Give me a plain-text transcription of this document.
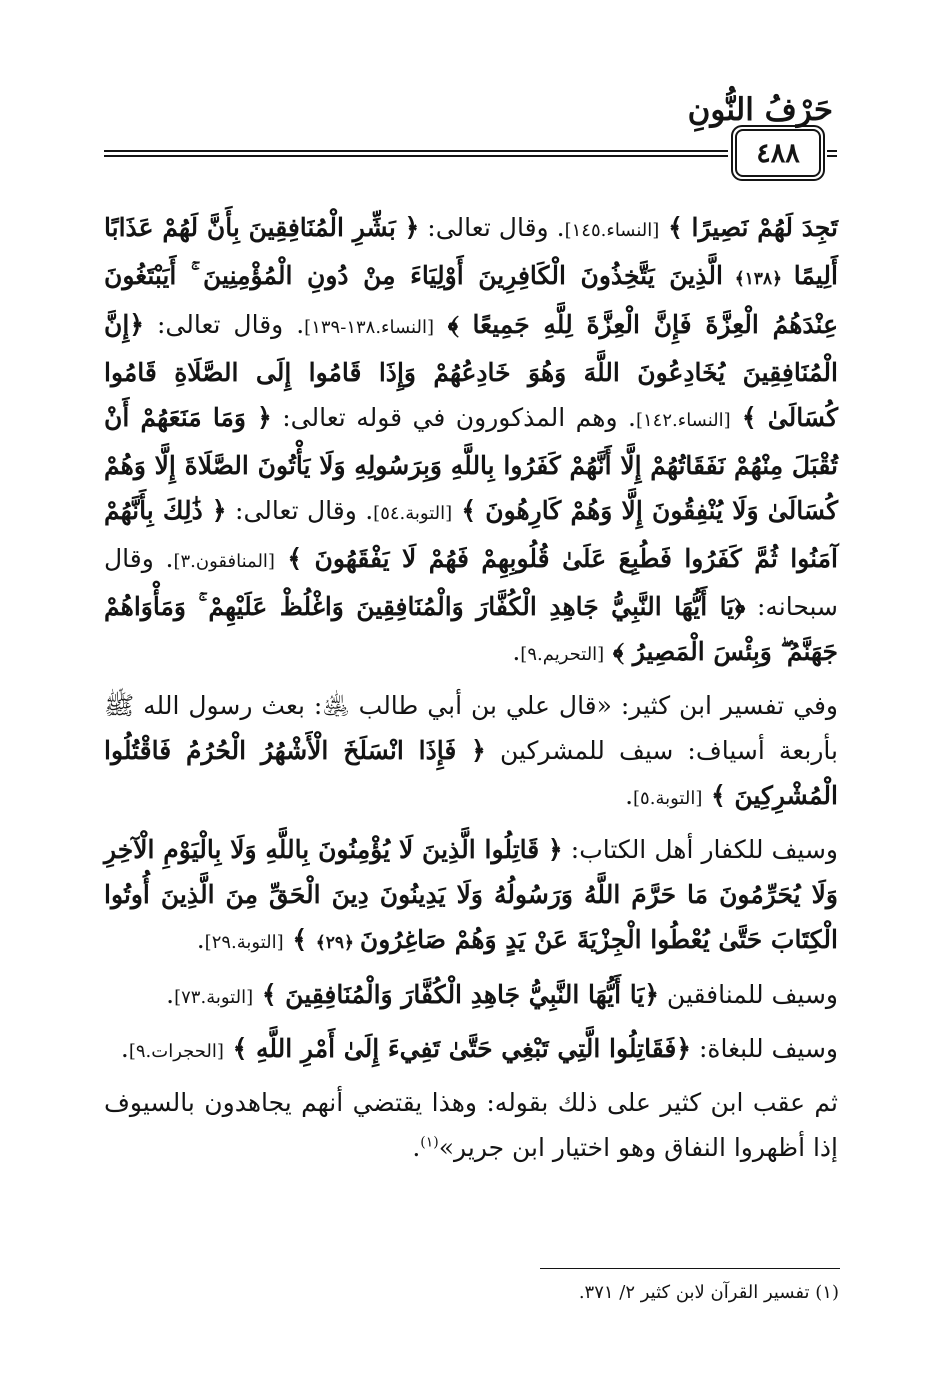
حَرْفُ النُّونِ
٤٨٨

تَجِدَ لَهُمْ نَصِيرًا ﴾ [النساء.١٤٥]. وقال تعالى: ﴿ بَشِّرِ الْمُنَافِقِينَ بِأَنَّ لَهُمْ عَذَابًا أَلِيمًا ﴿١٣٨﴾ الَّذِينَ يَتَّخِذُونَ الْكَافِرِينَ أَوْلِيَاءَ مِنْ دُونِ الْمُؤْمِنِينَ ۚ أَيَبْتَغُونَ عِنْدَهُمُ الْعِزَّةَ فَإِنَّ الْعِزَّةَ لِلَّهِ جَمِيعًا ﴾ [النساء.١٣٨-١٣٩]. وقال تعالى: ﴿إِنَّ الْمُنَافِقِينَ يُخَادِعُونَ اللَّهَ وَهُوَ خَادِعُهُمْ وَإِذَا قَامُوا إِلَى الصَّلَاةِ قَامُوا كُسَالَىٰ ﴾ [النساء.١٤٢]. وهم المذكورون في قوله تعالى: ﴿ وَمَا مَنَعَهُمْ أَنْ تُقْبَلَ مِنْهُمْ نَفَقَاتُهُمْ إِلَّا أَنَّهُمْ كَفَرُوا بِاللَّهِ وَبِرَسُولِهِ وَلَا يَأْتُونَ الصَّلَاةَ إِلَّا وَهُمْ كُسَالَىٰ وَلَا يُنْفِقُونَ إِلَّا وَهُمْ كَارِهُونَ ﴾ [التوبة.٥٤]. وقال تعالى: ﴿ ذَٰلِكَ بِأَنَّهُمْ آمَنُوا ثُمَّ كَفَرُوا فَطُبِعَ عَلَىٰ قُلُوبِهِمْ فَهُمْ لَا يَفْقَهُونَ ﴾ [المنافقون.٣]. وقال سبحانه: ﴿يَا أَيُّهَا النَّبِيُّ جَاهِدِ الْكُفَّارَ وَالْمُنَافِقِينَ وَاغْلُظْ عَلَيْهِمْ ۚ وَمَأْوَاهُمْ جَهَنَّمُ ۖ وَبِئْسَ الْمَصِيرُ ﴾ [التحريم.٩].

وفي تفسير ابن كثير: «قال علي بن أبي طالب ﵁: بعث رسول الله ﷺ بأربعة أسياف: سيف للمشركين ﴿ فَإِذَا انْسَلَخَ الْأَشْهُرُ الْحُرُمُ فَاقْتُلُوا الْمُشْرِكِينَ ﴾ [التوبة.٥].

وسيف للكفار أهل الكتاب: ﴿ قَاتِلُوا الَّذِينَ لَا يُؤْمِنُونَ بِاللَّهِ وَلَا بِالْيَوْمِ الْآخِرِ وَلَا يُحَرِّمُونَ مَا حَرَّمَ اللَّهُ وَرَسُولُهُ وَلَا يَدِينُونَ دِينَ الْحَقِّ مِنَ الَّذِينَ أُوتُوا الْكِتَابَ حَتَّىٰ يُعْطُوا الْجِزْيَةَ عَنْ يَدٍ وَهُمْ صَاغِرُونَ ﴿٢٩﴾ ﴾ [التوبة.٢٩].

وسيف للمنافقين ﴿يَا أَيُّهَا النَّبِيُّ جَاهِدِ الْكُفَّارَ وَالْمُنَافِقِينَ ﴾ [التوبة.٧٣].

وسيف للبغاة: ﴿فَقَاتِلُوا الَّتِي تَبْغِي حَتَّىٰ تَفِيءَ إِلَىٰ أَمْرِ اللَّهِ ﴾ [الحجرات.٩].

ثم عقب ابن كثير على ذلك بقوله: وهذا يقتضي أنهم يجاهدون بالسيوف إذا أظهروا النفاق وهو اختيار ابن جرير»$^{(١)}$.

(١) تفسير القرآن لابن كثير ٢/ ٣٧١.
